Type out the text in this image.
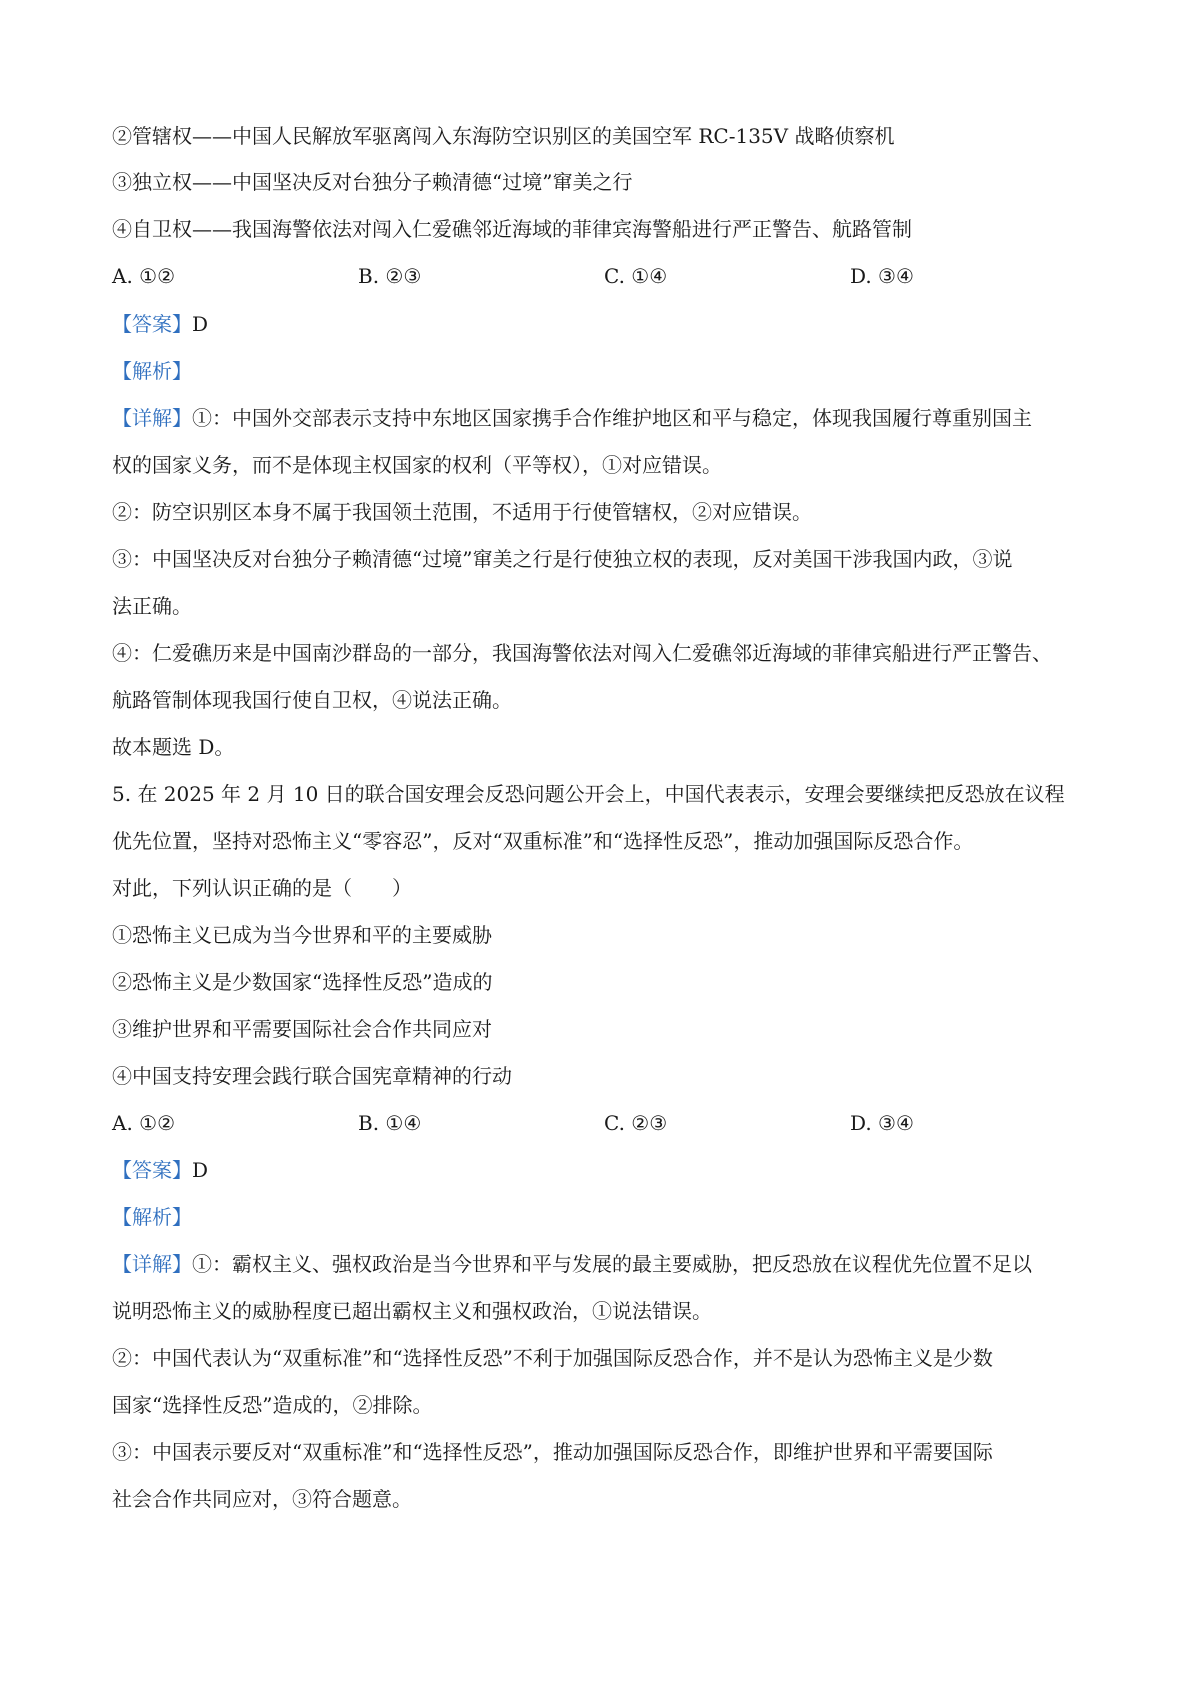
②管辖权——中国人民解放军驱离闯入东海防空识别区的美国空军 RC-135V 战略侦察机
③独立权——中国坚决反对台独分子赖清德“过境”窜美之行
④自卫权——我国海警依法对闯入仁爱礁邻近海域的菲律宾海警船进行严正警告、航路管制
A. ①②	B. ②③	C. ①④	D. ③④
【答案】D
【解析】
【详解】①：中国外交部表示支持中东地区国家携手合作维护地区和平与稳定，体现我国履行尊重别国主
权的国家义务，而不是体现主权国家的权利（平等权），①对应错误。
②：防空识别区本身不属于我国领土范围，不适用于行使管辖权，②对应错误。
③：中国坚决反对台独分子赖清德“过境”窜美之行是行使独立权的表现，反对美国干涉我国内政，③说
法正确。
④：仁爱礁历来是中国南沙群岛的一部分，我国海警依法对闯入仁爱礁邻近海域的菲律宾船进行严正警告、
航路管制体现我国行使自卫权，④说法正确。
故本题选 D。
5. 在 2025 年 2 月 10 日的联合国安理会反恐问题公开会上，中国代表表示，安理会要继续把反恐放在议程
优先位置，坚持对恐怖主义“零容忍”，反对“双重标准”和“选择性反恐”，推动加强国际反恐合作。
对此，下列认识正确的是（　　）
①恐怖主义已成为当今世界和平的主要威胁
②恐怖主义是少数国家“选择性反恐”造成的
③维护世界和平需要国际社会合作共同应对
④中国支持安理会践行联合国宪章精神的行动
A. ①②	B. ①④	C. ②③	D. ③④
【答案】D
【解析】
【详解】①：霸权主义、强权政治是当今世界和平与发展的最主要威胁，把反恐放在议程优先位置不足以
说明恐怖主义的威胁程度已超出霸权主义和强权政治，①说法错误。
②：中国代表认为“双重标准”和“选择性反恐”不利于加强国际反恐合作，并不是认为恐怖主义是少数
国家“选择性反恐”造成的，②排除。
③：中国表示要反对“双重标准”和“选择性反恐”，推动加强国际反恐合作，即维护世界和平需要国际
社会合作共同应对，③符合题意。
